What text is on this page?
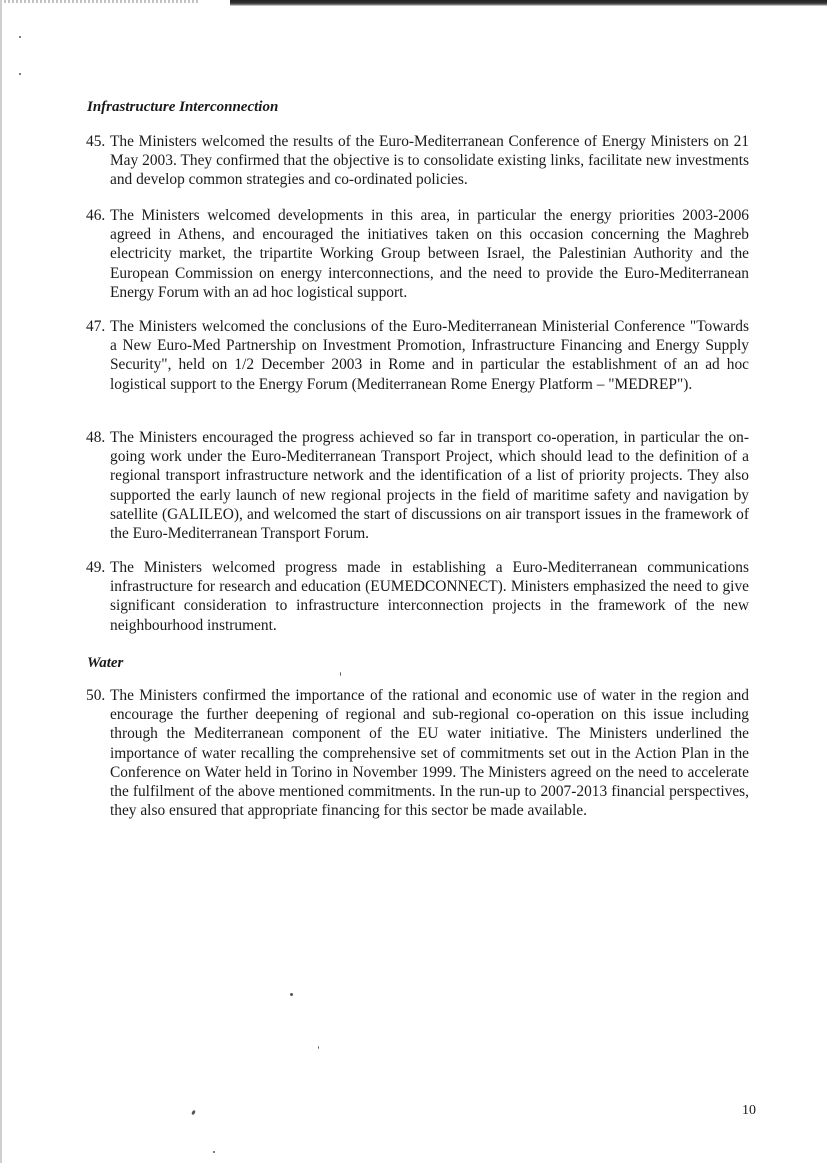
Infrastructure Interconnection
45. The Ministers welcomed the results of the Euro-Mediterranean Conference of Energy Ministers on 21 May 2003. They confirmed that the objective is to consolidate existing links, facilitate new investments and develop common strategies and co-ordinated policies.
46. The Ministers welcomed developments in this area, in particular the energy priorities 2003-2006 agreed in Athens, and encouraged the initiatives taken on this occasion concerning the Maghreb electricity market, the tripartite Working Group between Israel, the Palestinian Authority and the European Commission on energy interconnections, and the need to provide the Euro-Mediterranean Energy Forum with an ad hoc logistical support.
47. The Ministers welcomed the conclusions of the Euro-Mediterranean Ministerial Conference "Towards a New Euro-Med Partnership on Investment Promotion, Infrastructure Financing and Energy Supply Security", held on 1/2 December 2003 in Rome and in particular the establishment of an ad hoc logistical support to the Energy Forum (Mediterranean Rome Energy Platform – "MEDREP").
48. The Ministers encouraged the progress achieved so far in transport co-operation, in particular the on-going work under the Euro-Mediterranean Transport Project, which should lead to the definition of a regional transport infrastructure network and the identification of a list of priority projects. They also supported the early launch of new regional projects in the field of maritime safety and navigation by satellite (GALILEO), and welcomed the start of discussions on air transport issues in the framework of the Euro-Mediterranean Transport Forum.
49. The Ministers welcomed progress made in establishing a Euro-Mediterranean communications infrastructure for research and education (EUMEDCONNECT). Ministers emphasized the need to give significant consideration to infrastructure interconnection projects in the framework of the new neighbourhood instrument.
Water
50. The Ministers confirmed the importance of the rational and economic use of water in the region and encourage the further deepening of regional and sub-regional co-operation on this issue including through the Mediterranean component of the EU water initiative. The Ministers underlined the importance of water recalling the comprehensive set of commitments set out in the Action Plan in the Conference on Water held in Torino in November 1999. The Ministers agreed on the need to accelerate the fulfilment of the above mentioned commitments. In the run-up to 2007-2013 financial perspectives, they also ensured that appropriate financing for this sector be made available.
10
